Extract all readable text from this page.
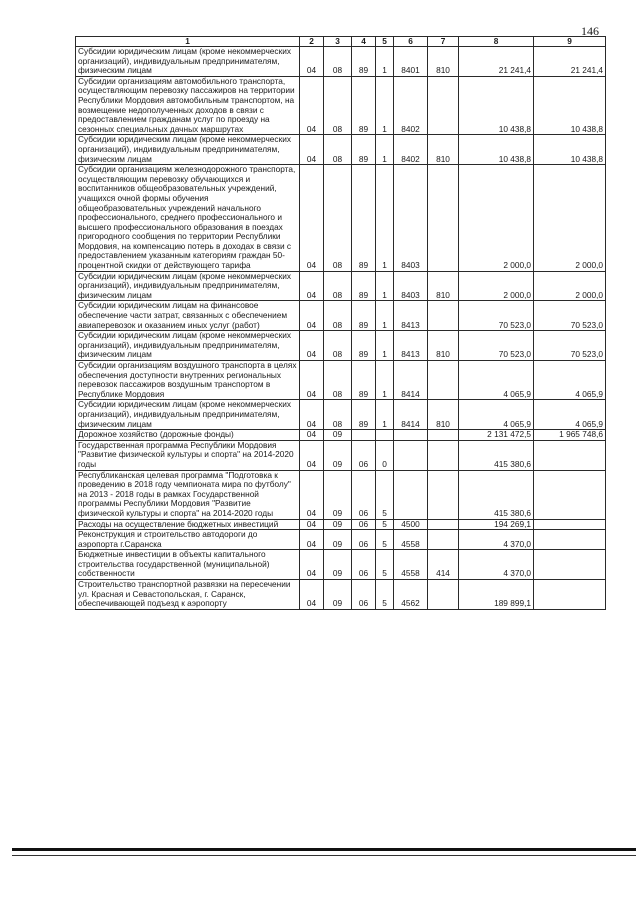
146
1	2	3	4	5	6	7	8	9
Субсидии юридическим лицам (кроме некоммерческих организаций), индивидуальным предпринимателям, физическим лицам	04	08	89	1	8401	810	21 241,4	21 241,4
Субсидии организациям автомобильного транспорта, осуществляющим перевозку пассажиров на территории Республики Мордовия автомобильным транспортом, на возмещение недополученных доходов в связи с предоставлением гражданам услуг по проезду на сезонных специальных дачных маршрутах	04	08	89	1	8402		10 438,8	10 438,8
Субсидии юридическим лицам (кроме некоммерческих организаций), индивидуальным предпринимателям, физическим лицам	04	08	89	1	8402	810	10 438,8	10 438,8
Субсидии организациям железнодорожного транспорта, осуществляющим перевозку обучающихся и воспитанников общеобразовательных учреждений, учащихся очной формы обучения общеобразовательных учреждений начального профессионального, среднего профессионального и высшего профессионального образования в поездах пригородного сообщения по территории Республики Мордовия, на компенсацию потерь в доходах в связи с предоставлением указанным категориям граждан 50-процентной скидки от действующего тарифа	04	08	89	1	8403		2 000,0	2 000,0
Субсидии юридическим лицам (кроме некоммерческих организаций), индивидуальным предпринимателям, физическим лицам	04	08	89	1	8403	810	2 000,0	2 000,0
Субсидии юридическим лицам на финансовое обеспечение части затрат, связанных с обеспечением авиаперевозок и оказанием иных услуг (работ)	04	08	89	1	8413		70 523,0	70 523,0
Субсидии юридическим лицам (кроме некоммерческих организаций), индивидуальным предпринимателям, физическим лицам	04	08	89	1	8413	810	70 523,0	70 523,0
Субсидии организациям воздушного транспорта в целях обеспечения доступности внутренних региональных перевозок пассажиров воздушным транспортом в Республике Мордовия	04	08	89	1	8414		4 065,9	4 065,9
Субсидии юридическим лицам (кроме некоммерческих организаций), индивидуальным предпринимателям, физическим лицам	04	08	89	1	8414	810	4 065,9	4 065,9
Дорожное хозяйство (дорожные фонды)	04	09					2 131 472,5	1 965 748,6
Государственная программа Республики Мордовия "Развитие физической культуры и спорта" на 2014-2020 годы	04	09	06	0			415 380,6	
Республиканская целевая программа "Подготовка к проведению в 2018 году чемпионата мира по футболу" на 2013 - 2018 годы в рамках Государственной программы Республики Мордовия "Развитие физической культуры и спорта" на 2014-2020 годы	04	09	06	5			415 380,6	
Расходы на осуществление бюджетных инвестиций	04	09	06	5	4500		194 269,1	
Реконструкция и строительство автодороги до аэропорта г.Саранска	04	09	06	5	4558		4 370,0	
Бюджетные инвестиции в объекты капитального строительства государственной (муниципальной) собственности	04	09	06	5	4558	414	4 370,0	
Строительство транспортной развязки на пересечении ул. Красная и Севастопольская, г. Саранск, обеспечивающей подъезд к аэропорту	04	09	06	5	4562		189 899,1	
